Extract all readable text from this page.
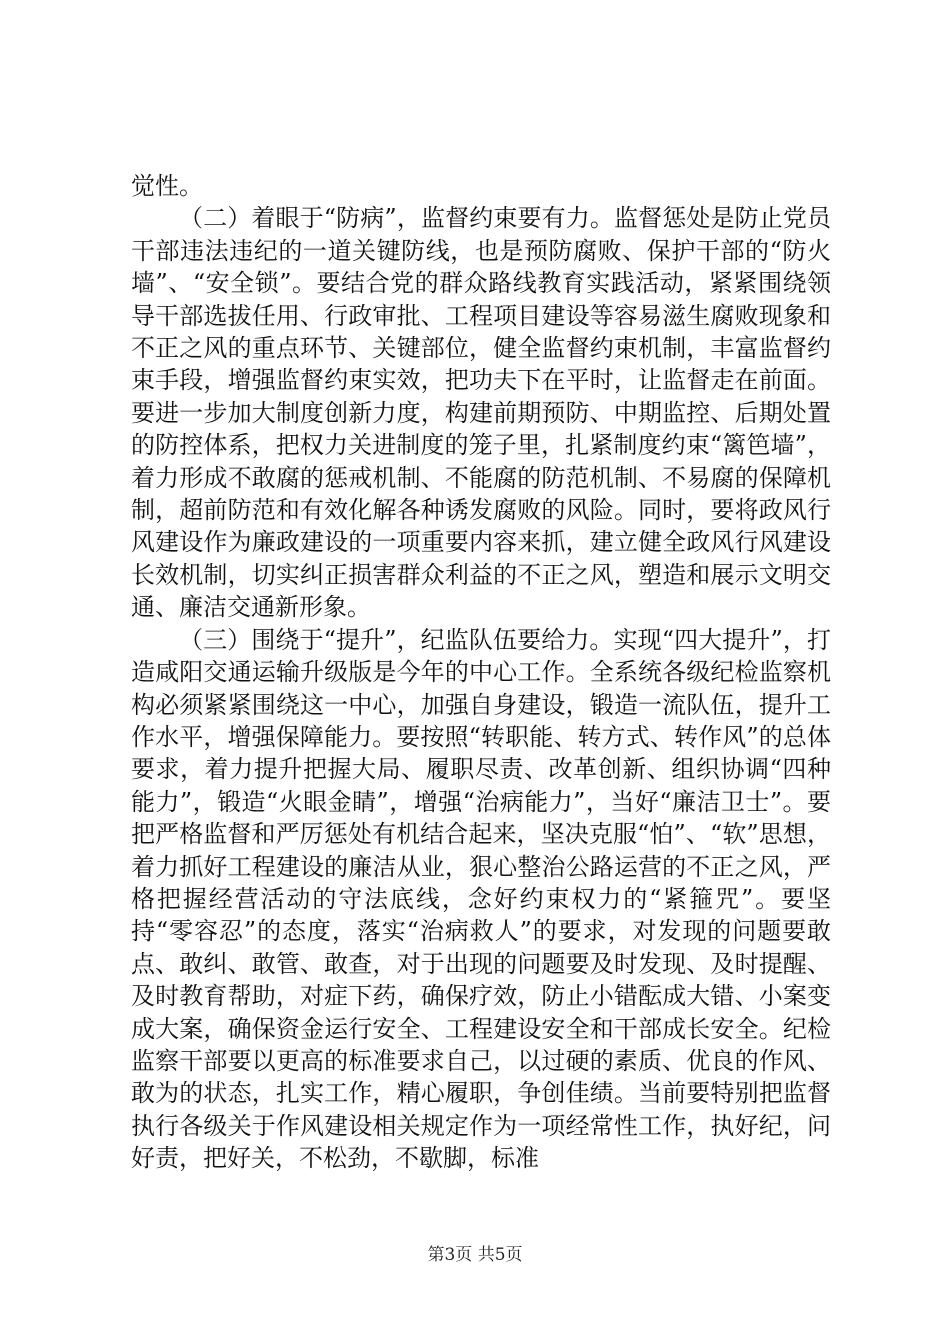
觉性。

（二）着眼于“防病”，监督约束要有力。监督惩处是防止党员干部违法违纪的一道关键防线，也是预防腐败、保护干部的“防火墙”、“安全锁”。要结合党的群众路线教育实践活动，紧紧围绕领导干部选拔任用、行政审批、工程项目建设等容易滋生腐败现象和不正之风的重点环节、关键部位，健全监督约束机制，丰富监督约束手段，增强监督约束实效，把功夫下在平时，让监督走在前面。要进一步加大制度创新力度，构建前期预防、中期监控、后期处置的防控体系，把权力关进制度的笼子里，扎紧制度约束“篱笆墙”，着力形成不敢腐的惩戒机制、不能腐的防范机制、不易腐的保障机制，超前防范和有效化解各种诱发腐败的风险。同时，要将政风行风建设作为廉政建设的一项重要内容来抓，建立健全政风行风建设长效机制，切实纠正损害群众利益的不正之风，塑造和展示文明交通、廉洁交通新形象。

（三）围绕于“提升”，纪监队伍要给力。实现“四大提升”，打造咸阳交通运输升级版是今年的中心工作。全系统各级纪检监察机构必须紧紧围绕这一中心，加强自身建设，锻造一流队伍，提升工作水平，增强保障能力。要按照“转职能、转方式、转作风”的总体要求，着力提升把握大局、履职尽责、改革创新、组织协调“四种能力”，锻造“火眼金睛”，增强“治病能力”，当好“廉洁卫士”。要把严格监督和严厉惩处有机结合起来，坚决克服“怕”、“软”思想，着力抓好工程建设的廉洁从业，狠心整治公路运营的不正之风，严格把握经营活动的守法底线，念好约束权力的“紧箍咒”。要坚持“零容忍”的态度，落实“治病救人”的要求，对发现的问题要敢点、敢纠、敢管、敢查，对于出现的问题要及时发现、及时提醒、及时教育帮助，对症下药，确保疗效，防止小错酝成大错、小案变成大案，确保资金运行安全、工程建设安全和干部成长安全。纪检监察干部要以更高的标准要求自己，以过硬的素质、优良的作风、敢为的状态，扎实工作，精心履职，争创佳绩。当前要特别把监督执行各级关于作风建设相关规定作为一项经常性工作，执好纪，问好责，把好关，不松劲，不歇脚，标准

第3页 共5页
